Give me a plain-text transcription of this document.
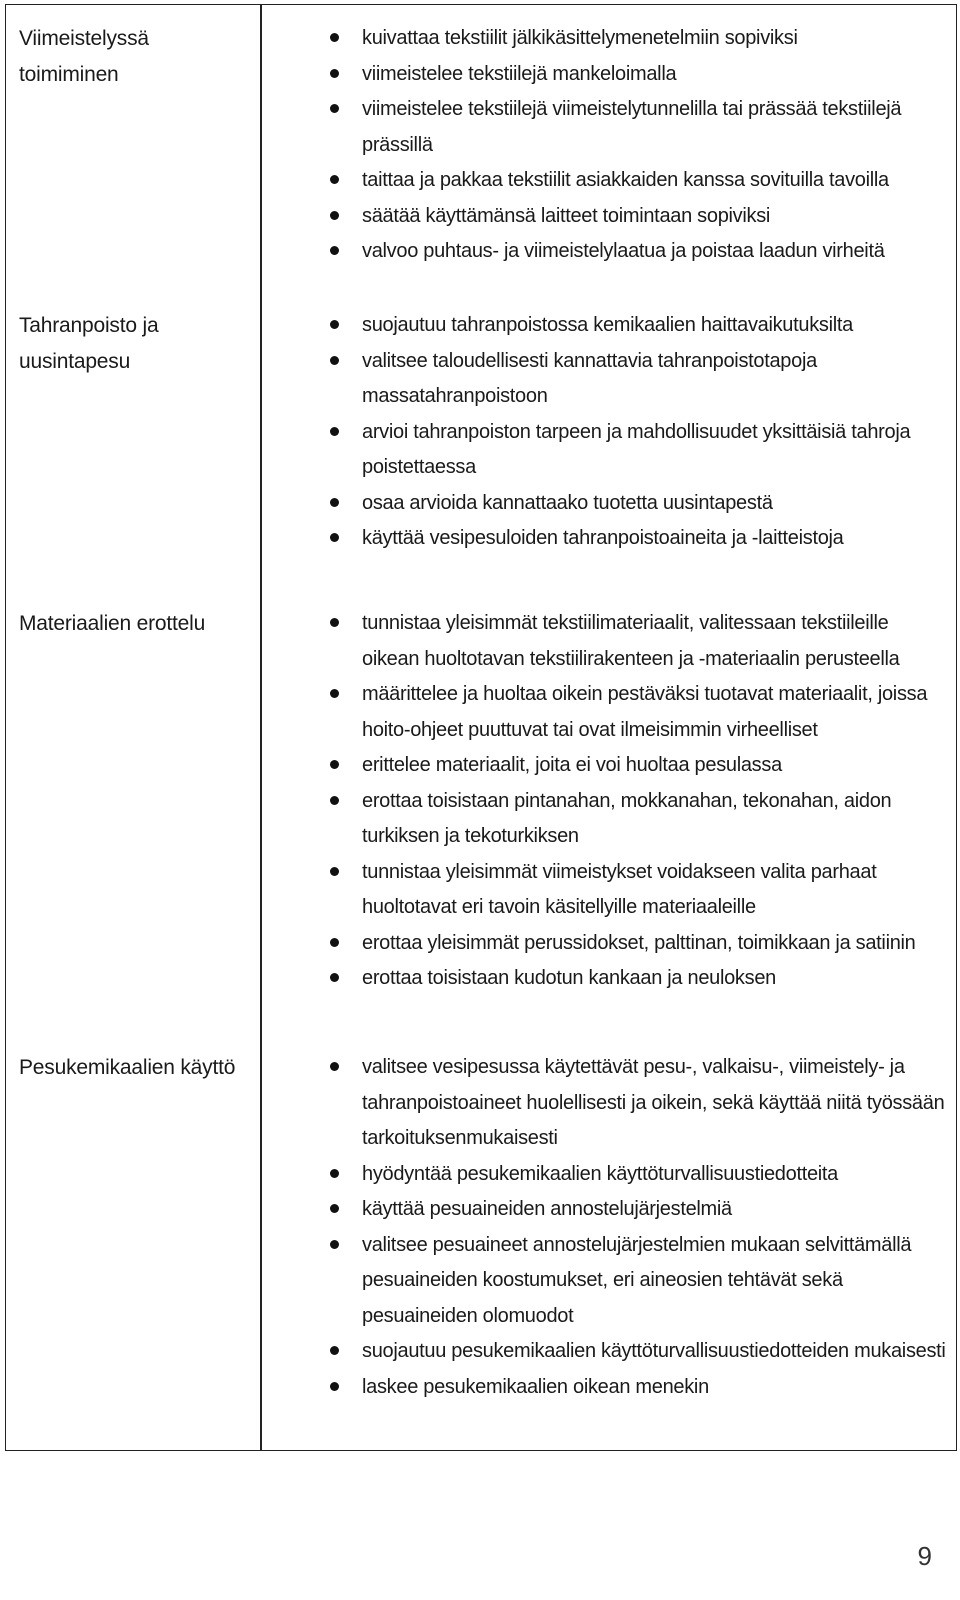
Viimeistelyssä toimiminen
kuivattaa tekstiilit jälkikäsittelymenetelmiin sopiviksi
viimeistelee tekstiilejä mankeloimalla
viimeistelee tekstiilejä viimeistelytunnelilla tai prässää tekstiilejä prässillä
taittaa ja pakkaa tekstiilit asiakkaiden kanssa sovituilla tavoilla
säätää käyttämänsä laitteet toimintaan sopiviksi
valvoo puhtaus- ja viimeistelylaatua ja poistaa laadun virheitä
Tahranpoisto ja uusintapesu
suojautuu tahranpoistossa kemikaalien haittavaikutuksilta
valitsee taloudellisesti kannattavia tahranpoistotapoja massatahranpoistoon
arvioi tahranpoiston tarpeen ja mahdollisuudet yksittäisiä tahroja poistettaessa
osaa arvioida kannattaako tuotetta uusintapestä
käyttää vesipesuloiden tahranpoistoaineita ja -laitteistoja
Materiaalien erottelu	tunnistaa yleisimmät tekstiilimateriaalit, valitessaan tekstiileille oikean huoltotavan tekstiilirakenteen ja -materiaalin perusteella
määrittelee ja huoltaa oikein pestäväksi tuotavat materiaalit, joissa hoito-ohjeet puuttuvat tai ovat ilmeisimmin virheelliset
erittelee materiaalit, joita ei voi huoltaa pesulassa
erottaa toisistaan pintanahan, mokkanahan, tekonahan, aidon turkiksen ja tekoturkiksen
tunnistaa yleisimmät viimeistykset voidakseen valita parhaat huoltotavat eri tavoin käsitellyille materiaaleille
erottaa yleisimmät perussidokset, palttinan, toimikkaan ja satiinin
erottaa toisistaan kudotun kankaan ja neuloksen
Pesukemikaalien käyttö	valitsee vesipesussa käytettävät pesu-, valkaisu-, viimeistely- ja tahranpoistoaineet huolellisesti ja oikein, sekä käyttää niitä työssään tarkoituksenmukaisesti
hyödyntää pesukemikaalien käyttöturvallisuustiedotteita
käyttää pesuaineiden annostelujärjestelmiä
valitsee pesuaineet annostelujärjestelmien mukaan selvittämällä pesuaineiden koostumukset, eri aineosien tehtävät sekä pesuaineiden olomuodot
suojautuu pesukemikaalien käyttöturvallisuustiedotteiden mukaisesti
laskee pesukemikaalien oikean menekin
9
